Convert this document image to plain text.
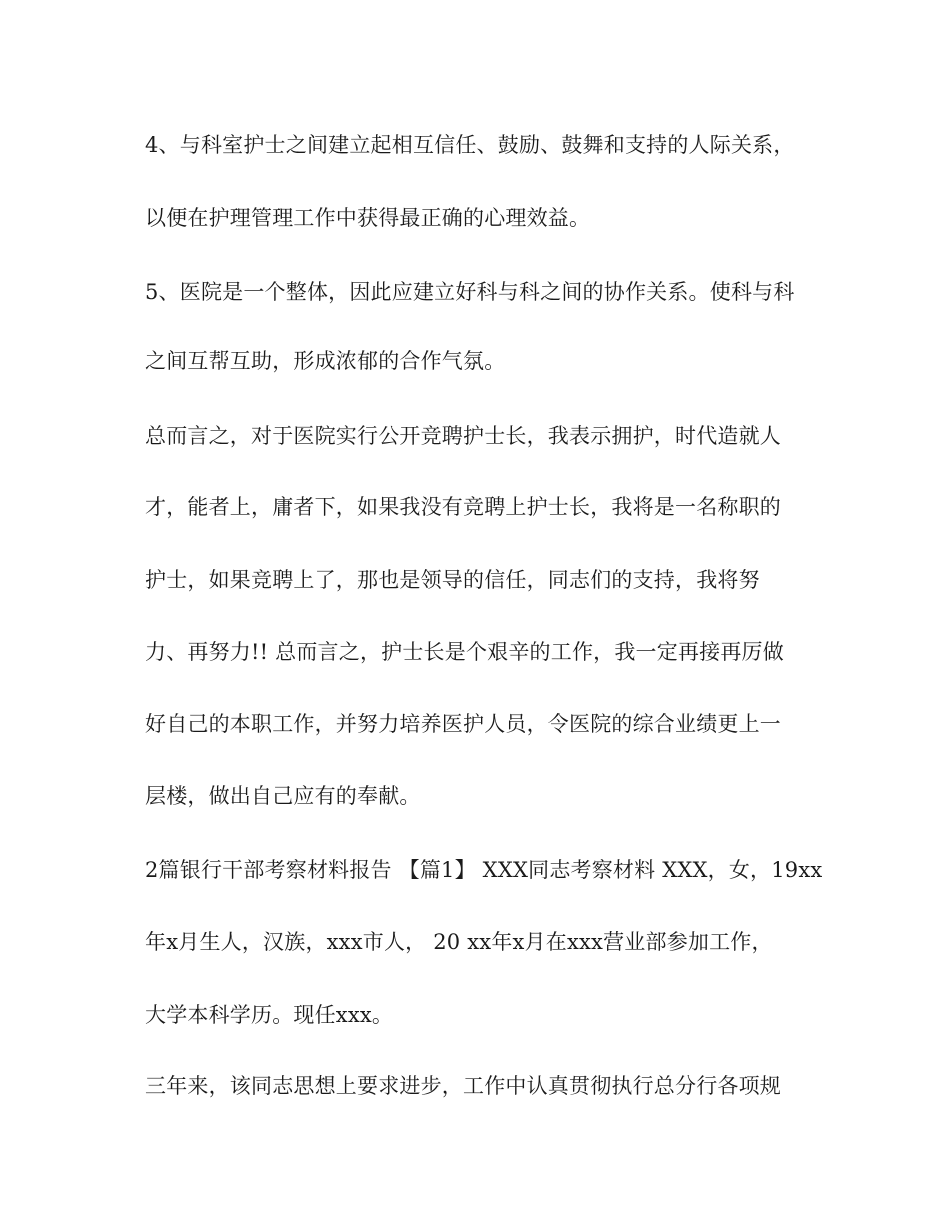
4、与科室护士之间建立起相互信任、鼓励、鼓舞和支持的人际关系，
以便在护理管理工作中获得最正确的心理效益。
5、医院是一个整体，因此应建立好科与科之间的协作关系。使科与科
之间互帮互助，形成浓郁的合作气氛。
总而言之，对于医院实行公开竞聘护士长，我表示拥护，时代造就人
才，能者上，庸者下，如果我没有竞聘上护士长，我将是一名称职的
护士，如果竞聘上了，那也是领导的信任，同志们的支持，我将努
力、再努力!! 总而言之，护士长是个艰辛的工作，我一定再接再厉做
好自己的本职工作，并努力培养医护人员，令医院的综合业绩更上一
层楼，做出自己应有的奉献。
2篇银行干部考察材料报告 【篇1】 XXX同志考察材料 XXX，女，19xx
年x月生人，汉族，xxx市人， 20 xx年x月在xxx营业部参加工作，
大学本科学历。现任xxx。
三年来，该同志思想上要求进步，工作中认真贯彻执行总分行各项规
